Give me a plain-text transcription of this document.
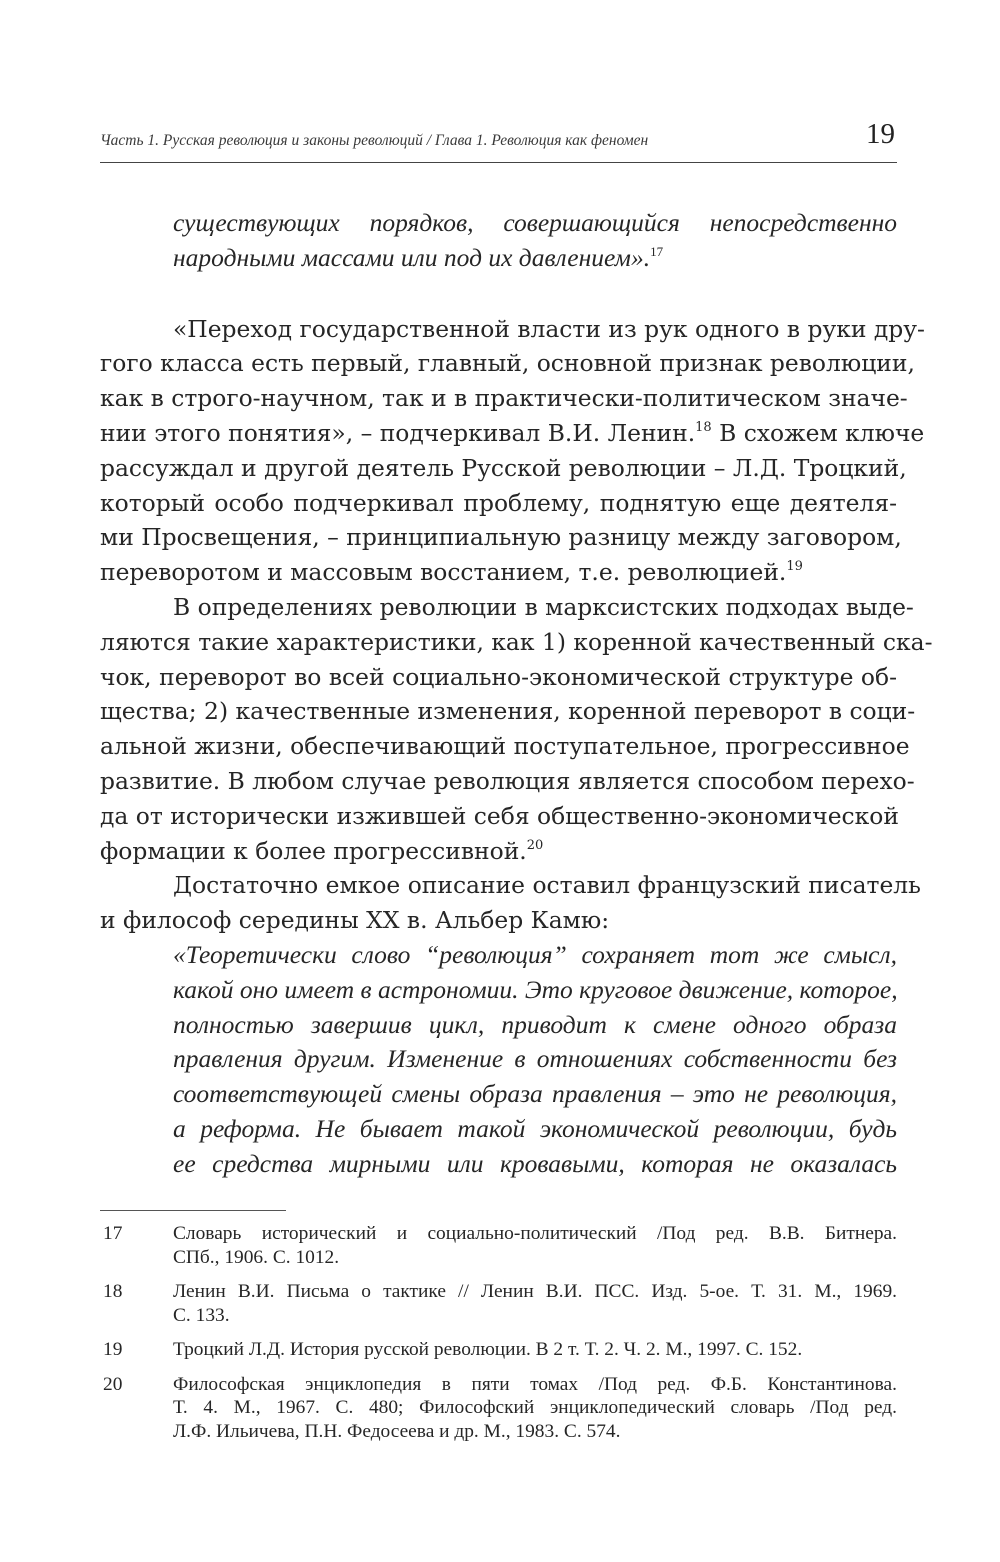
Часть 1. Русская революция и законы революций / Глава 1. Революция как феномен	19
существующих порядков, совершающийся непосредственно
народными массами или под их давлением».$^{17}$
«Переход государственной власти из рук одного в руки дру-
гого класса есть первый, главный, основной признак революции,
как в строго-научном, так и в практически-политическом значе-
нии этого понятия», – подчеркивал В.И. Ленин.$^{18}$ В схожем ключе
рассуждал и другой деятель Русской революции – Л.Д. Троцкий,
который особо подчеркивал проблему, поднятую еще деятеля-
ми Просвещения, – принципиальную разницу между заговором,
переворотом и массовым восстанием, т.е. революцией.$^{19}$
В определениях революции в марксистских подходах выде-
ляются такие характеристики, как 1) коренной качественный ска-
чок, переворот во всей социально-экономической структуре об-
щества; 2) качественные изменения, коренной переворот в соци-
альной жизни, обеспечивающий поступательное, прогрессивное
развитие. В любом случае революция является способом перехо-
да от исторически изжившей себя общественно-экономической
формации к более прогрессивной.$^{20}$
Достаточно емкое описание оставил французский писатель
и философ середины XX в. Альбер Камю:
«Теоретически слово “революция” сохраняет тот же смысл,
какой оно имеет в астрономии. Это круговое движение, которое,
полностью завершив цикл, приводит к смене одного образа
правления другим. Изменение в отношениях собственности без
соответствующей смены образа правления – это не революция,
а реформа. Не бывает такой экономической революции, будь
ее средства мирными или кровавыми, которая не оказалась
17	Словарь исторический и социально-политический /Под ред. В.В. Битнера.
СПб., 1906. С. 1012.
18	Ленин В.И. Письма о тактике // Ленин В.И. ПСС. Изд. 5-ое. Т. 31. М., 1969.
С. 133.
19	Троцкий Л.Д. История русской революции. В 2 т. Т. 2. Ч. 2. М., 1997. С. 152.
20	Философская энциклопедия в пяти томах /Под ред. Ф.Б. Константинова.
Т. 4. М., 1967. С. 480; Философский энциклопедический словарь /Под ред.
Л.Ф. Ильичева, П.Н. Федосеева и др. М., 1983. С. 574.
